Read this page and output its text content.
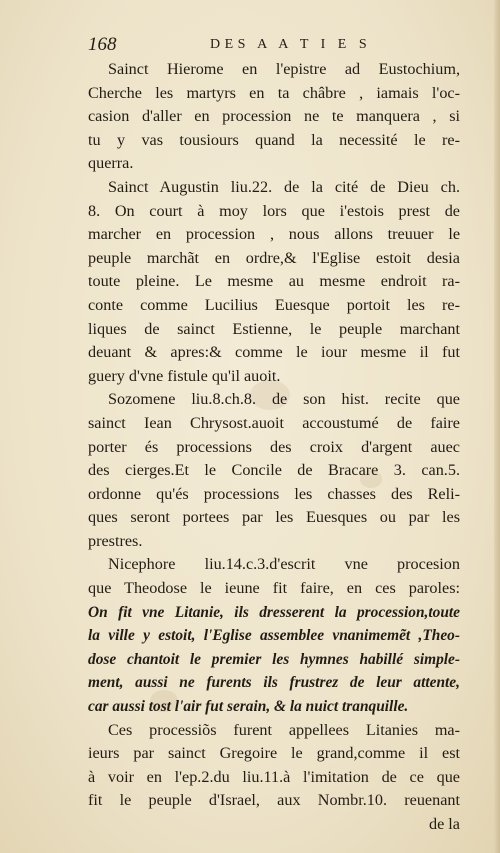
168	DES A A T I E S
Sainct Hierome en l'epistre ad Eustochium,
Cherche les martyrs en ta châbre , iamais l'oc-
casion d'aller en procession ne te manquera , si
tu y vas tousiours quand la necessité le re-
querra.
Sainct Augustin liu.22. de la cité de Dieu ch.
8. On court à moy lors que i'estois prest de
marcher en procession , nous allons treuuer le
peuple marchãt en ordre,& l'Eglise estoit desia
toute pleine. Le mesme au mesme endroit ra-
conte comme Lucilius Euesque portoit les re-
liques de sainct Estienne, le peuple marchant
deuant & apres:& comme le iour mesme il fut
guery d'vne fistule qu'il auoit.
Sozomene liu.8.ch.8. de son hist. recite que
sainct Iean Chrysost.auoit accoustumé de faire
porter és processions des croix d'argent auec
des cierges.Et le Concile de Bracare 3. can.5.
ordonne qu'és processions les chasses des Reli-
ques seront portees par les Euesques ou par les
prestres.
Nicephore liu.14.c.3.d'escrit vne procesion
que Theodose le ieune fit faire, en ces paroles:
On fit vne Litanie, ils dresserent la procession,toute
la ville y estoit, l'Eglise assemblee vnanimemẽt ,Theo-
dose chantoit le premier les hymnes habillé simple-
ment, aussi ne furents ils frustrez de leur attente,
car aussi tost l'air fut serain, & la nuict tranquille.
Ces processiõs furent appellees Litanies ma-
ieurs par sainct Gregoire le grand,comme il est
à voir en l'ep.2.du liu.11.à l'imitation de ce que
fit le peuple d'Israel, aux Nombr.10. reuenant
de la
